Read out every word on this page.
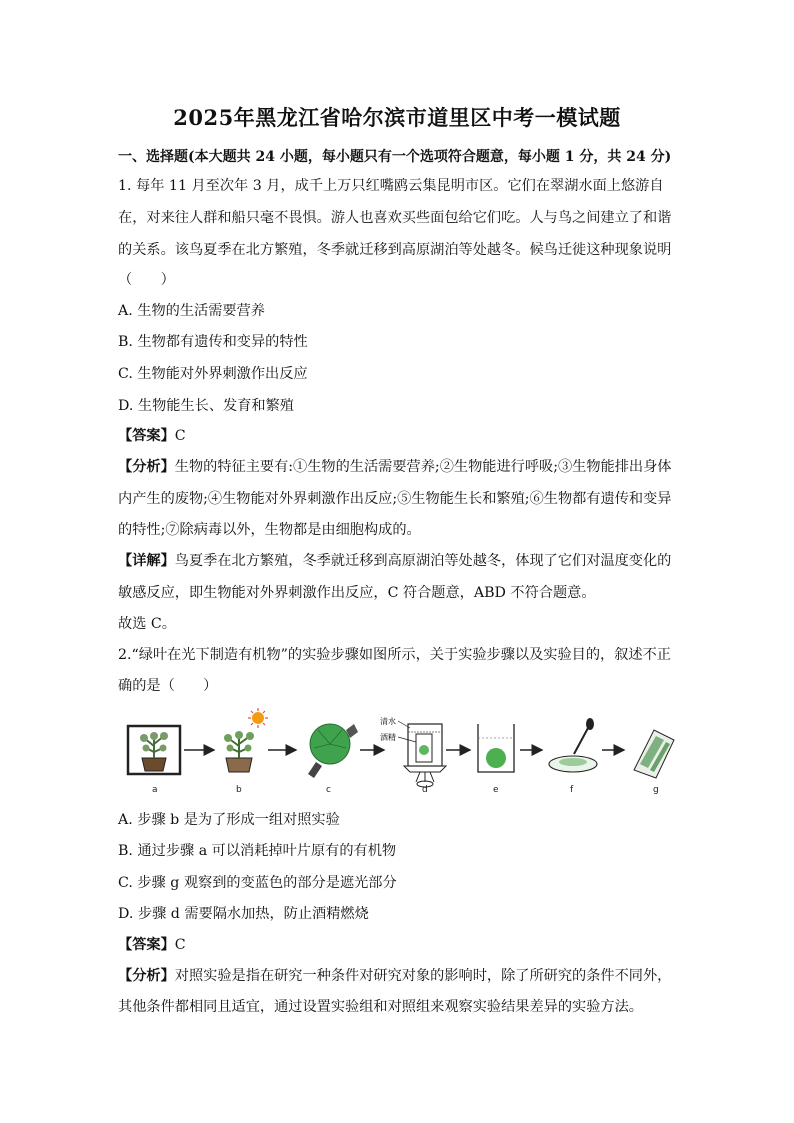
2025年黑龙江省哈尔滨市道里区中考一模试题
一、选择题(本大题共 24 小题，每小题只有一个选项符合题意，每小题 1 分，共 24 分)
1. 每年 11 月至次年 3 月，成千上万只红嘴鸥云集昆明市区。它们在翠湖水面上悠游自
在，对来往人群和船只毫不畏惧。游人也喜欢买些面包给它们吃。人与鸟之间建立了和谐
的关系。该鸟夏季在北方繁殖，冬季就迁移到高原湖泊等处越冬。候鸟迁徙这种现象说明
（　　）
A. 生物的生活需要营养
B. 生物都有遗传和变异的特性
C. 生物能对外界刺激作出反应
D. 生物能生长、发育和繁殖
【答案】C
【分析】生物的特征主要有:①生物的生活需要营养;②生物能进行呼吸;③生物能排出身体
内产生的废物;④生物能对外界刺激作出反应;⑤生物能生长和繁殖;⑥生物都有遗传和变异
的特性;⑦除病毒以外，生物都是由细胞构成的。
【详解】鸟夏季在北方繁殖，冬季就迁移到高原湖泊等处越冬，体现了它们对温度变化的
敏感反应，即生物能对外界刺激作出反应，C 符合题意，ABD 不符合题意。
故选 C。
2.“绿叶在光下制造有机物”的实验步骤如图所示，关于实验步骤以及实验目的，叙述不正
确的是（　　）
清水
酒精
a	b	c	d	e	f	g
A. 步骤 b 是为了形成一组对照实验
B. 通过步骤 a 可以消耗掉叶片原有的有机物
C. 步骤 g 观察到的变蓝色的部分是遮光部分
D. 步骤 d 需要隔水加热，防止酒精燃烧
【答案】C
【分析】对照实验是指在研究一种条件对研究对象的影响时，除了所研究的条件不同外，
其他条件都相同且适宜，通过设置实验组和对照组来观察实验结果差异的实验方法。
